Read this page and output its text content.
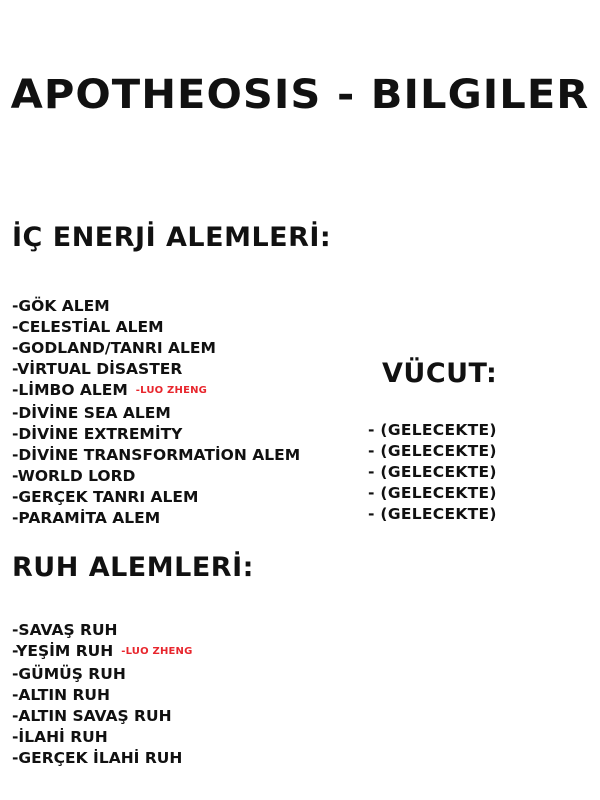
APOTHEOSIS - BILGILER
İÇ ENERJİ ALEMLERİ:
-GÖK ALEM
-CELESTİAL ALEM
-GODLAND/TANRI ALEM
-VİRTUAL DİSASTER
-LİMBO ALEM -LUO ZHENG
-DİVİNE SEA ALEM
-DİVİNE EXTREMİTY
-DİVİNE TRANSFORMATİON ALEM
-WORLD LORD
-GERÇEK TANRI ALEM
-PARAMİTA ALEM
VÜCUT:
- (GELECEKTE)
- (GELECEKTE)
- (GELECEKTE)
- (GELECEKTE)
- (GELECEKTE)
RUH ALEMLERİ:
-SAVAŞ RUH
-YEŞİM RUH -LUO ZHENG
-GÜMÜŞ RUH
-ALTIN RUH
-ALTIN SAVAŞ RUH
-İLAHİ RUH
-GERÇEK İLAHİ RUH
